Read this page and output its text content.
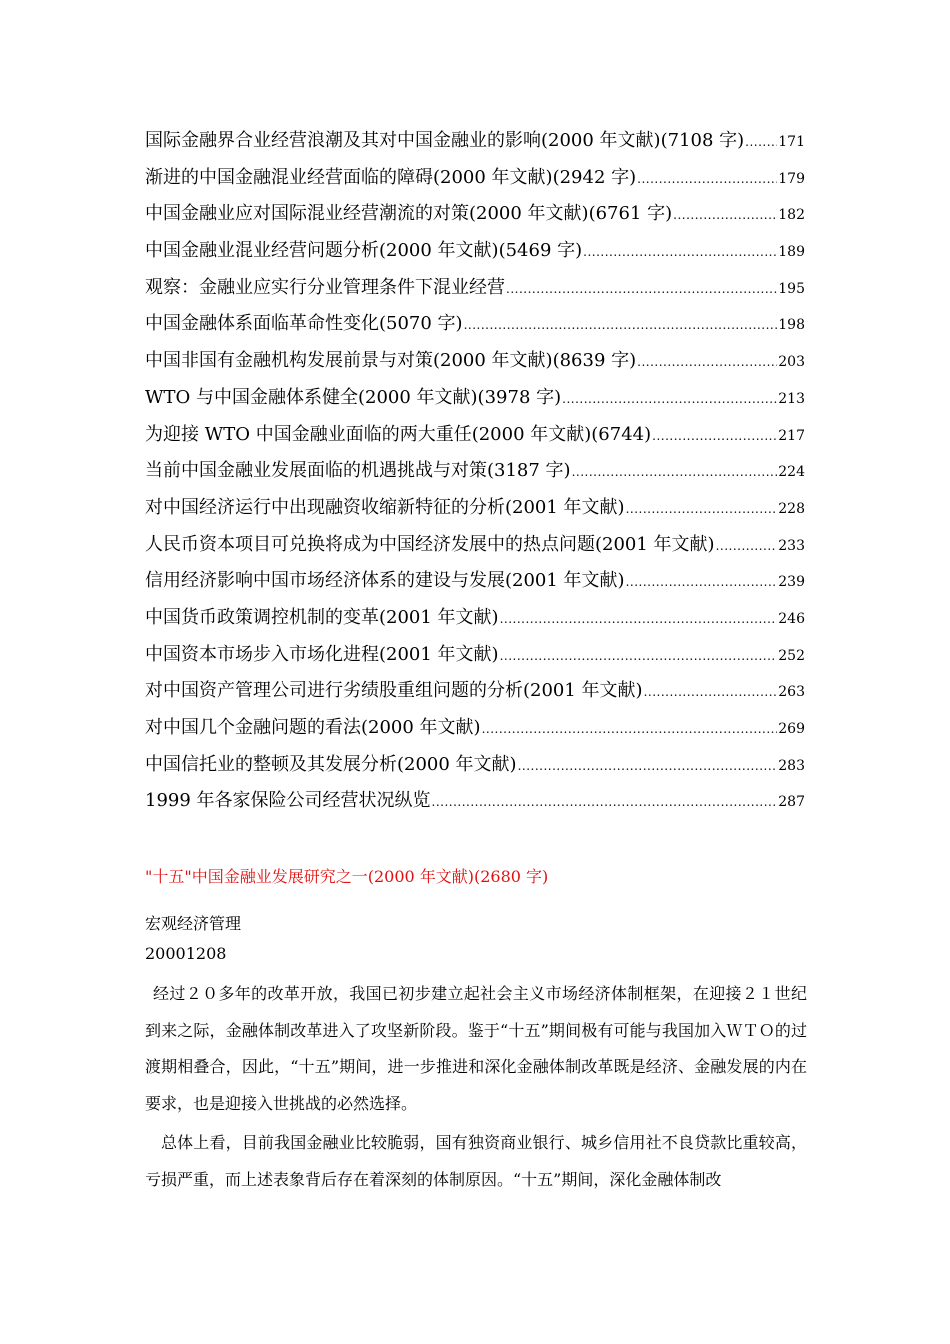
国际金融界合业经营浪潮及其对中国金融业的影响(2000 年文献)(7108 字) ..... 171
渐进的中国金融混业经营面临的障碍(2000 年文献)(2942 字) .....	179
中国金融业应对国际混业经营潮流的对策(2000 年文献)(6761 字) .....	182
中国金融业混业经营问题分析(2000 年文献)(5469 字) .....	189
观察：金融业应实行分业管理条件下混业经营 .....	195
中国金融体系面临革命性变化(5070 字) .....	198
中国非国有金融机构发展前景与对策(2000 年文献)(8639 字) .....	203
WTO 与中国金融体系健全(2000 年文献)(3978 字) .....	213
为迎接 WTO 中国金融业面临的两大重任(2000 年文献)(6744) .....	217
当前中国金融业发展面临的机遇挑战与对策(3187 字) .....	224
对中国经济运行中出现融资收缩新特征的分析(2001 年文献) .....	228
人民币资本项目可兑换将成为中国经济发展中的热点问题(2001 年文献) .....	233
信用经济影响中国市场经济体系的建设与发展(2001 年文献) .....	239
中国货币政策调控机制的变革(2001 年文献) .....	246
中国资本市场步入市场化进程(2001 年文献) .....	252
对中国资产管理公司进行劣绩股重组问题的分析(2001 年文献) .....	263
对中国几个金融问题的看法(2000 年文献) .....	269
中国信托业的整顿及其发展分析(2000 年文献) .....	283
1999 年各家保险公司经营状况纵览 .....	287
"十五"中国金融业发展研究之一(2000 年文献)(2680 字)
宏观经济管理
20001208

经过２０多年的改革开放，我国已初步建立起社会主义市场经济体制框架，在迎接２１世纪到来之际，金融体制改革进入了攻坚新阶段。鉴于“十五”期间极有可能与我国加入ＷＴＯ的过渡期相叠合，因此，“十五”期间，进一步推进和深化金融体制改革既是经济、金融发展的内在要求，也是迎接入世挑战的必然选择。

总体上看，目前我国金融业比较脆弱，国有独资商业银行、城乡信用社不良贷款比重较高，亏损严重，而上述表象背后存在着深刻的体制原因。“十五”期间，深化金融体制改
